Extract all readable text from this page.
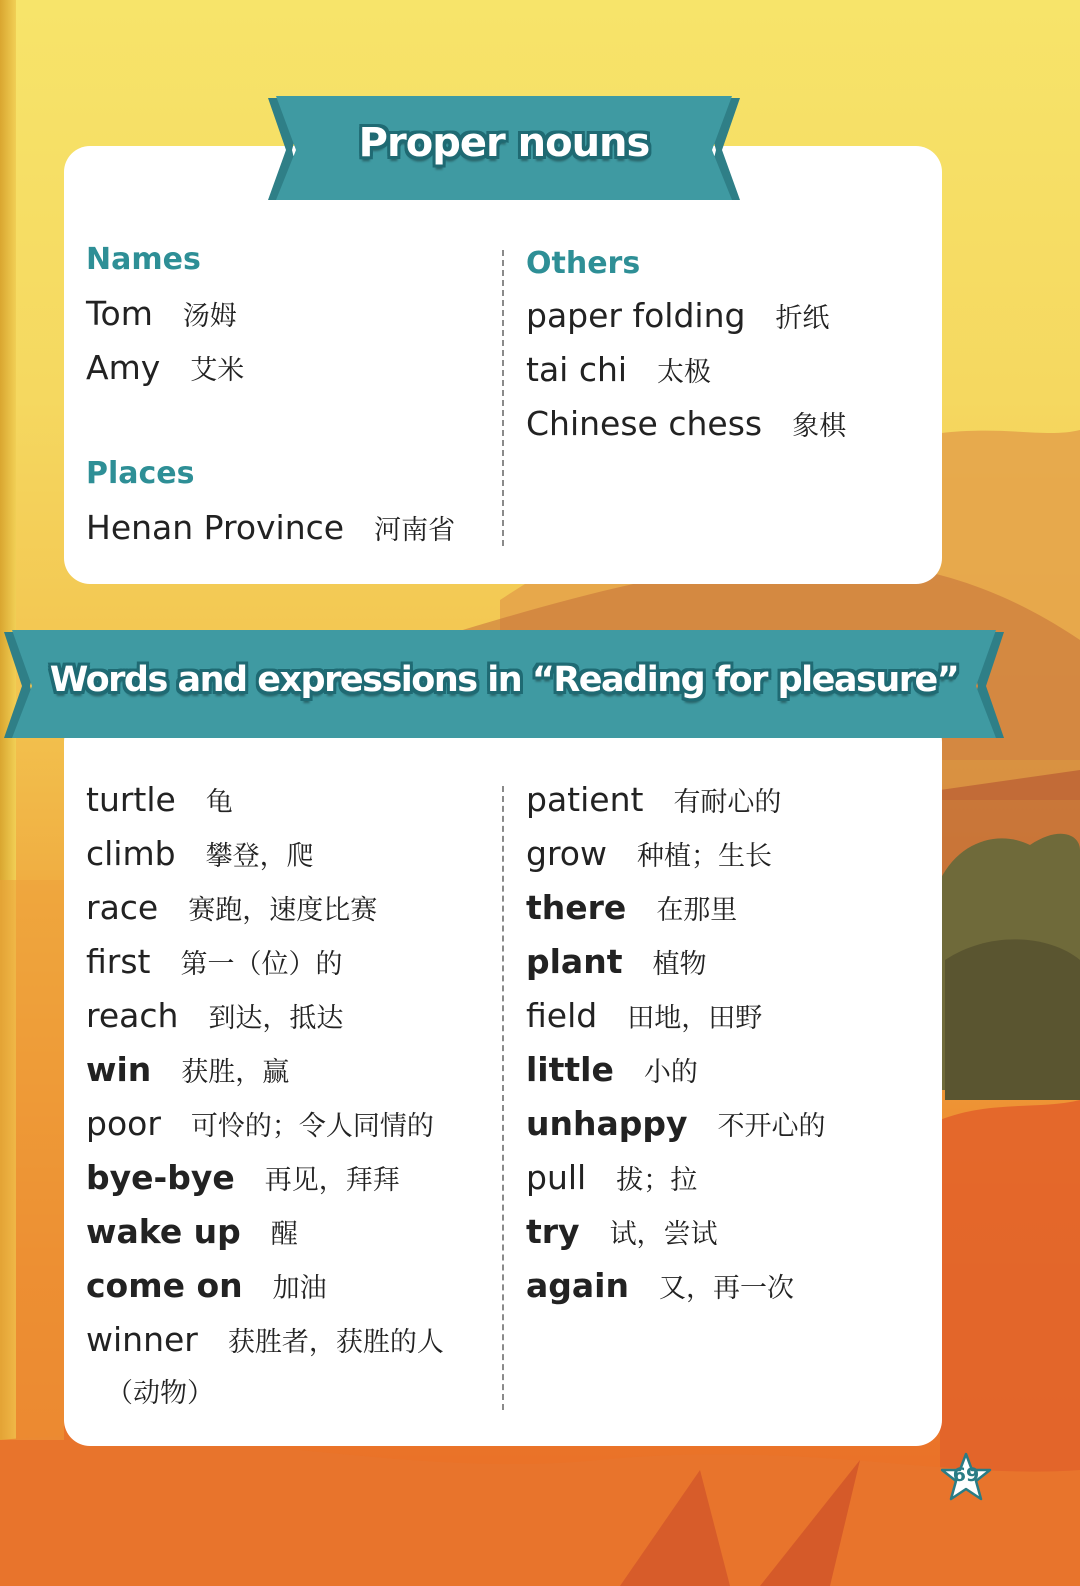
Proper nouns
Names
Tom 汤姆
Amy 艾米
Places
Henan Province 河南省
Others
paper folding 折纸
tai chi 太极
Chinese chess 象棋
Words and expressions in “Reading for pleasure”
turtle 龟
climb 攀登，爬
race 赛跑，速度比赛
first 第一（位）的
reach 到达，抵达
win 获胜，赢
poor 可怜的；令人同情的
bye-bye 再见，拜拜
wake up 醒
come on 加油
winner 获胜者，获胜的人
（动物）
patient 有耐心的
grow 种植；生长
there 在那里
plant 植物
field 田地，田野
little 小的
unhappy 不开心的
pull 拔；拉
try 试，尝试
again 又，再一次
69
